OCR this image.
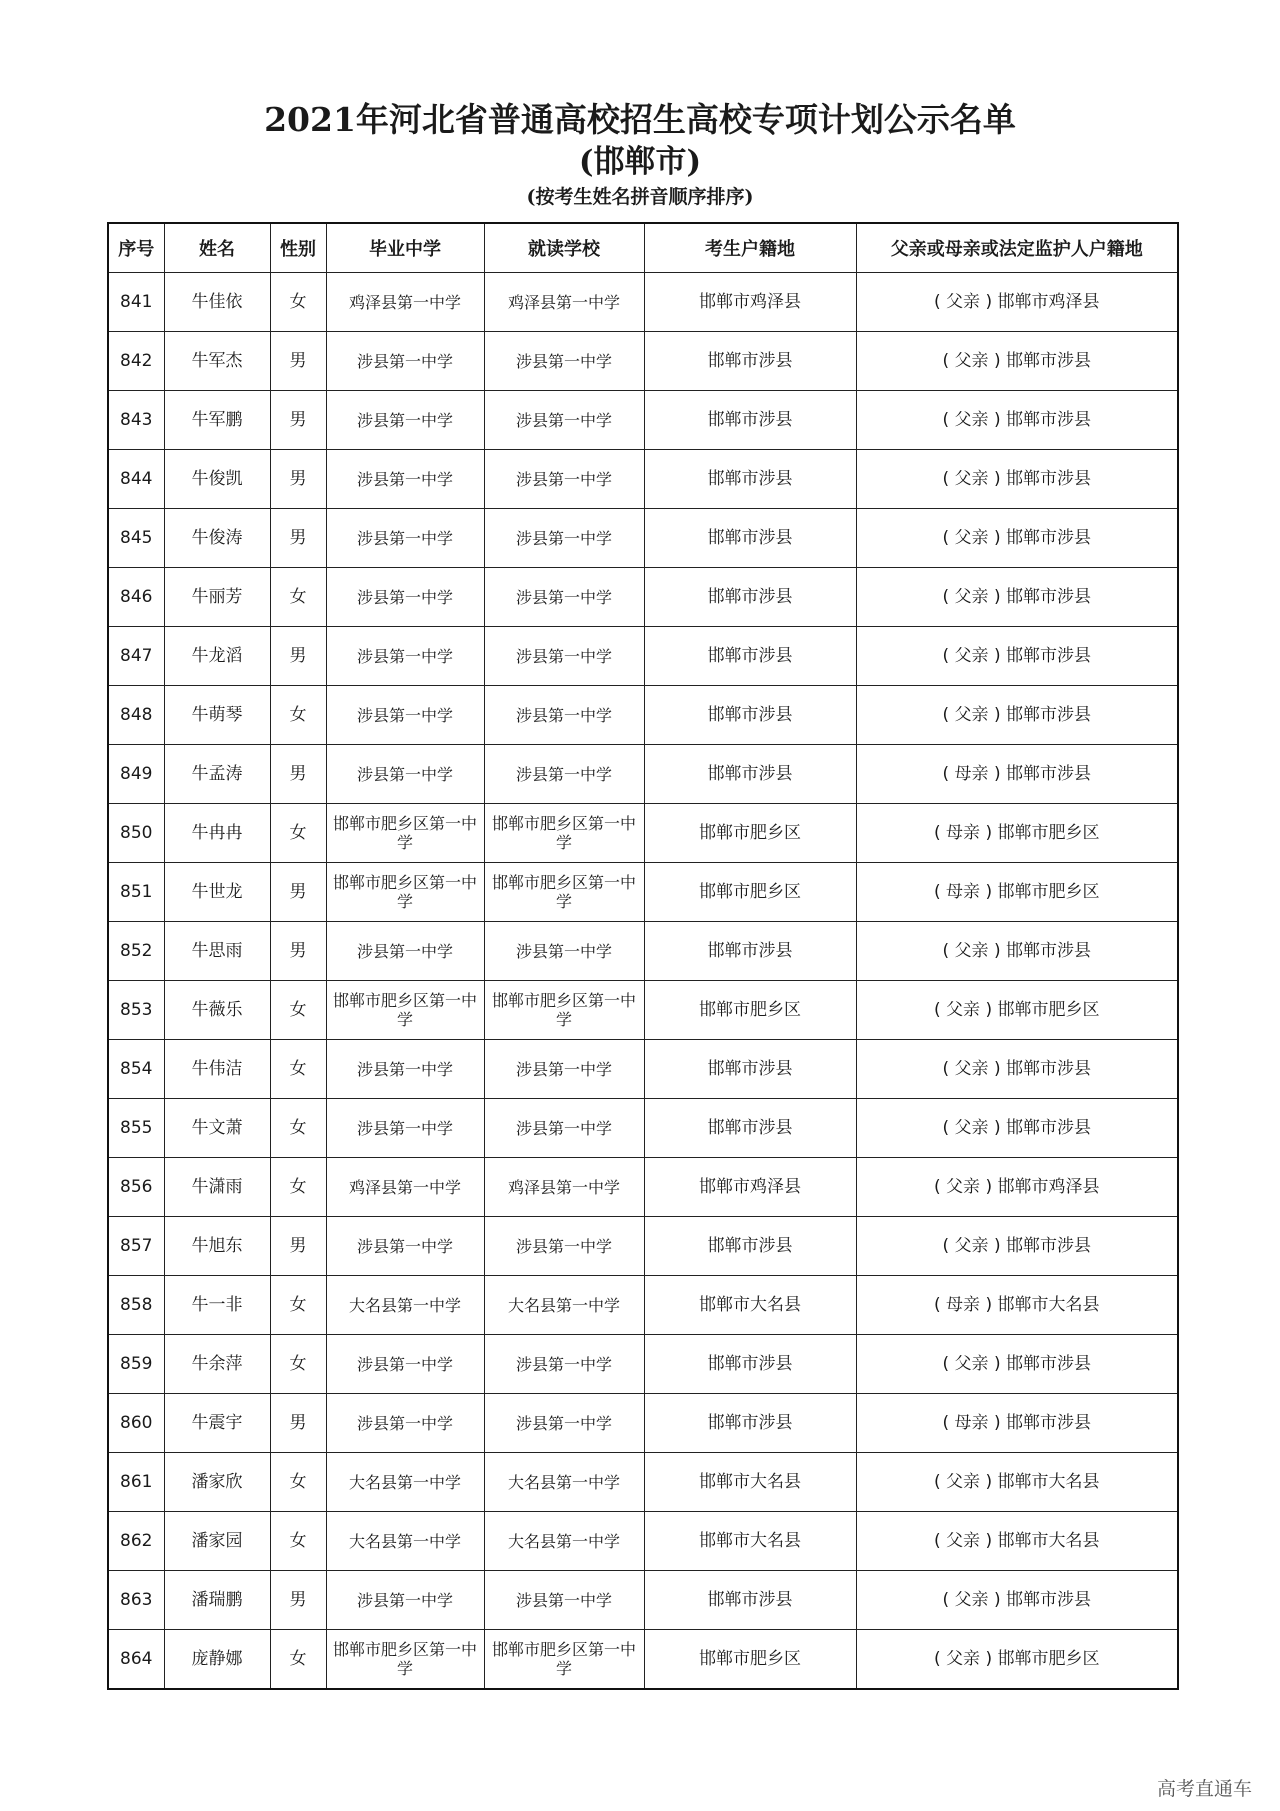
2021年河北省普通高校招生高校专项计划公示名单
(邯郸市)
(按考生姓名拼音顺序排序)
序号	姓名	性别	毕业中学	就读学校	考生户籍地	父亲或母亲或法定监护人户籍地
841	牛佳依	女	鸡泽县第一中学	鸡泽县第一中学	邯郸市鸡泽县	( 父亲 ) 邯郸市鸡泽县
842	牛军杰	男	涉县第一中学	涉县第一中学	邯郸市涉县	( 父亲 ) 邯郸市涉县
843	牛军鹏	男	涉县第一中学	涉县第一中学	邯郸市涉县	( 父亲 ) 邯郸市涉县
844	牛俊凯	男	涉县第一中学	涉县第一中学	邯郸市涉县	( 父亲 ) 邯郸市涉县
845	牛俊涛	男	涉县第一中学	涉县第一中学	邯郸市涉县	( 父亲 ) 邯郸市涉县
846	牛丽芳	女	涉县第一中学	涉县第一中学	邯郸市涉县	( 父亲 ) 邯郸市涉县
847	牛龙滔	男	涉县第一中学	涉县第一中学	邯郸市涉县	( 父亲 ) 邯郸市涉县
848	牛萌琴	女	涉县第一中学	涉县第一中学	邯郸市涉县	( 父亲 ) 邯郸市涉县
849	牛孟涛	男	涉县第一中学	涉县第一中学	邯郸市涉县	( 母亲 ) 邯郸市涉县
850	牛冉冉	女	邯郸市肥乡区第一中学	邯郸市肥乡区第一中学	邯郸市肥乡区	( 母亲 ) 邯郸市肥乡区
851	牛世龙	男	邯郸市肥乡区第一中学	邯郸市肥乡区第一中学	邯郸市肥乡区	( 母亲 ) 邯郸市肥乡区
852	牛思雨	男	涉县第一中学	涉县第一中学	邯郸市涉县	( 父亲 ) 邯郸市涉县
853	牛薇乐	女	邯郸市肥乡区第一中学	邯郸市肥乡区第一中学	邯郸市肥乡区	( 父亲 ) 邯郸市肥乡区
854	牛伟洁	女	涉县第一中学	涉县第一中学	邯郸市涉县	( 父亲 ) 邯郸市涉县
855	牛文萧	女	涉县第一中学	涉县第一中学	邯郸市涉县	( 父亲 ) 邯郸市涉县
856	牛潇雨	女	鸡泽县第一中学	鸡泽县第一中学	邯郸市鸡泽县	( 父亲 ) 邯郸市鸡泽县
857	牛旭东	男	涉县第一中学	涉县第一中学	邯郸市涉县	( 父亲 ) 邯郸市涉县
858	牛一非	女	大名县第一中学	大名县第一中学	邯郸市大名县	( 母亲 ) 邯郸市大名县
859	牛余萍	女	涉县第一中学	涉县第一中学	邯郸市涉县	( 父亲 ) 邯郸市涉县
860	牛震宇	男	涉县第一中学	涉县第一中学	邯郸市涉县	( 母亲 ) 邯郸市涉县
861	潘家欣	女	大名县第一中学	大名县第一中学	邯郸市大名县	( 父亲 ) 邯郸市大名县
862	潘家园	女	大名县第一中学	大名县第一中学	邯郸市大名县	( 父亲 ) 邯郸市大名县
863	潘瑞鹏	男	涉县第一中学	涉县第一中学	邯郸市涉县	( 父亲 ) 邯郸市涉县
864	庞静娜	女	邯郸市肥乡区第一中学	邯郸市肥乡区第一中学	邯郸市肥乡区	( 父亲 ) 邯郸市肥乡区
高考直通车
